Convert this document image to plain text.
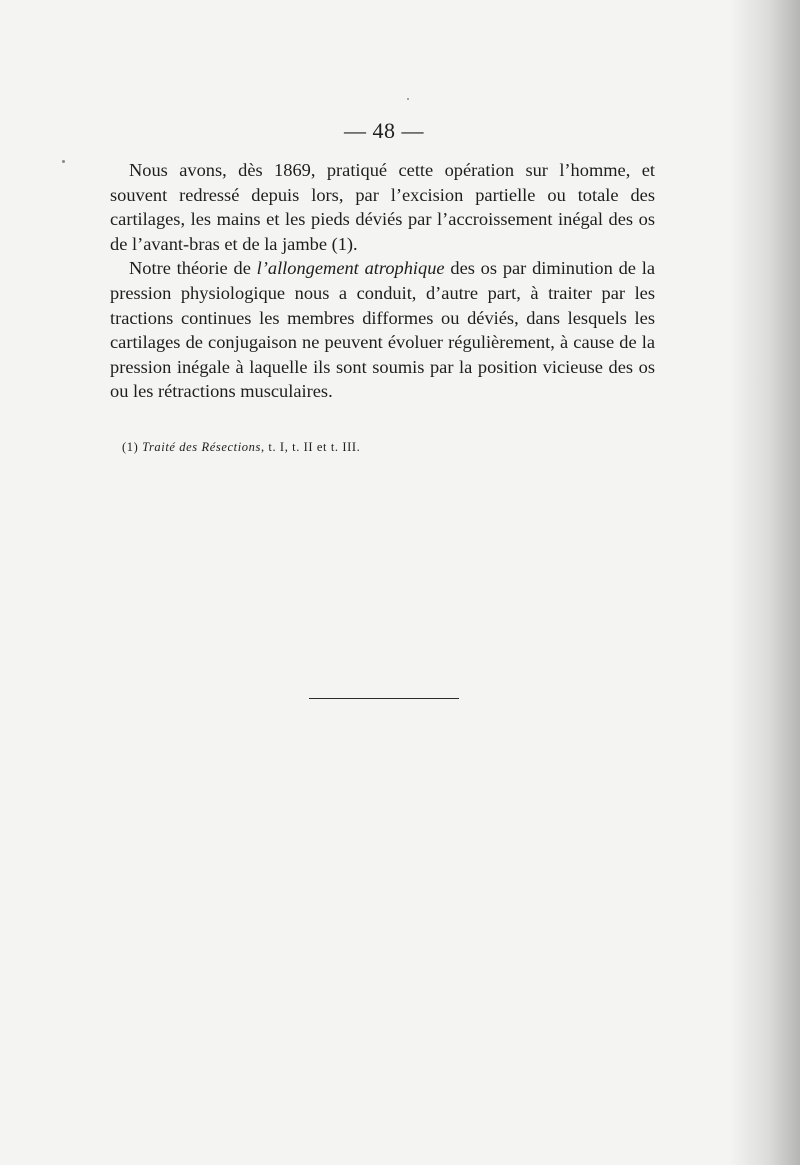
— 48 —

Nous avons, dès 1869, pratiqué cette opération sur l’homme, et souvent redressé depuis lors, par l’excision partielle ou totale des cartilages, les mains et les pieds déviés par l’accroissement inégal des os de l’avant-bras et de la jambe (1).

Notre théorie de l’allongement atrophique des os par diminution de la pression physiologique nous a conduit, d’autre part, à traiter par les tractions continues les membres difformes ou déviés, dans lesquels les cartilages de conjugaison ne peuvent évoluer régulièrement, à cause de la pression inégale à laquelle ils sont soumis par la position vicieuse des os ou les rétractions musculaires.

(1) Traité des Résections, t. I, t. II et t. III.
